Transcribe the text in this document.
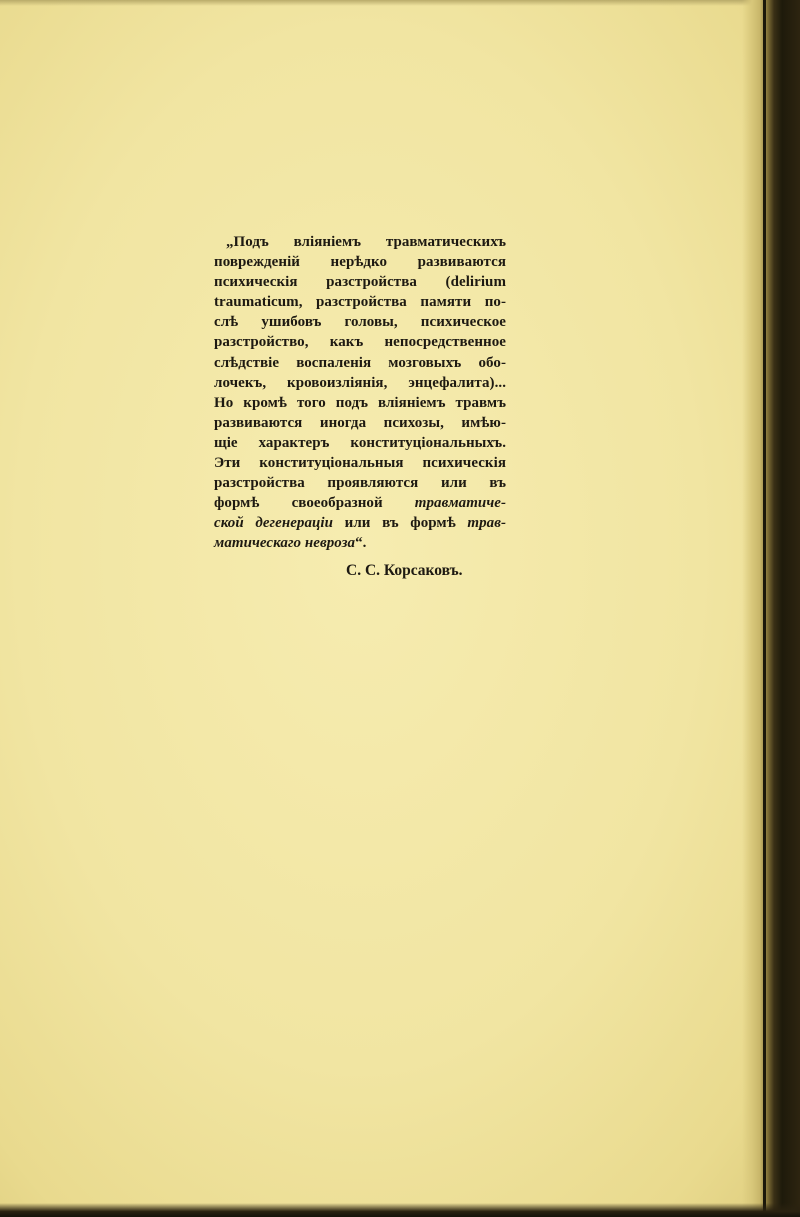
„Подъ вліяніемъ травматическихъ
повреждeній нерѣдко развиваются
психическія разстройства (delirium
traumaticum, разстройства памяти по-
слѣ ушибовъ головы, психическое
разстройство, какъ непосредственное
слѣдствіе воспаленія мозговыхъ обо-
лочекъ, кровоизліянія, энцефалита)...
Но кромѣ того подъ вліяніемъ травмъ
развиваются иногда психозы, имѣю-
щіе характеръ конституціональныхъ.
Эти конституціональныя психическія
разстройства проявляются или въ
формѣ своеобразной травматиче-
ской дегенераціи или въ формѣ трав-
матическаго невроза“.
С. С. Корсаковъ.
